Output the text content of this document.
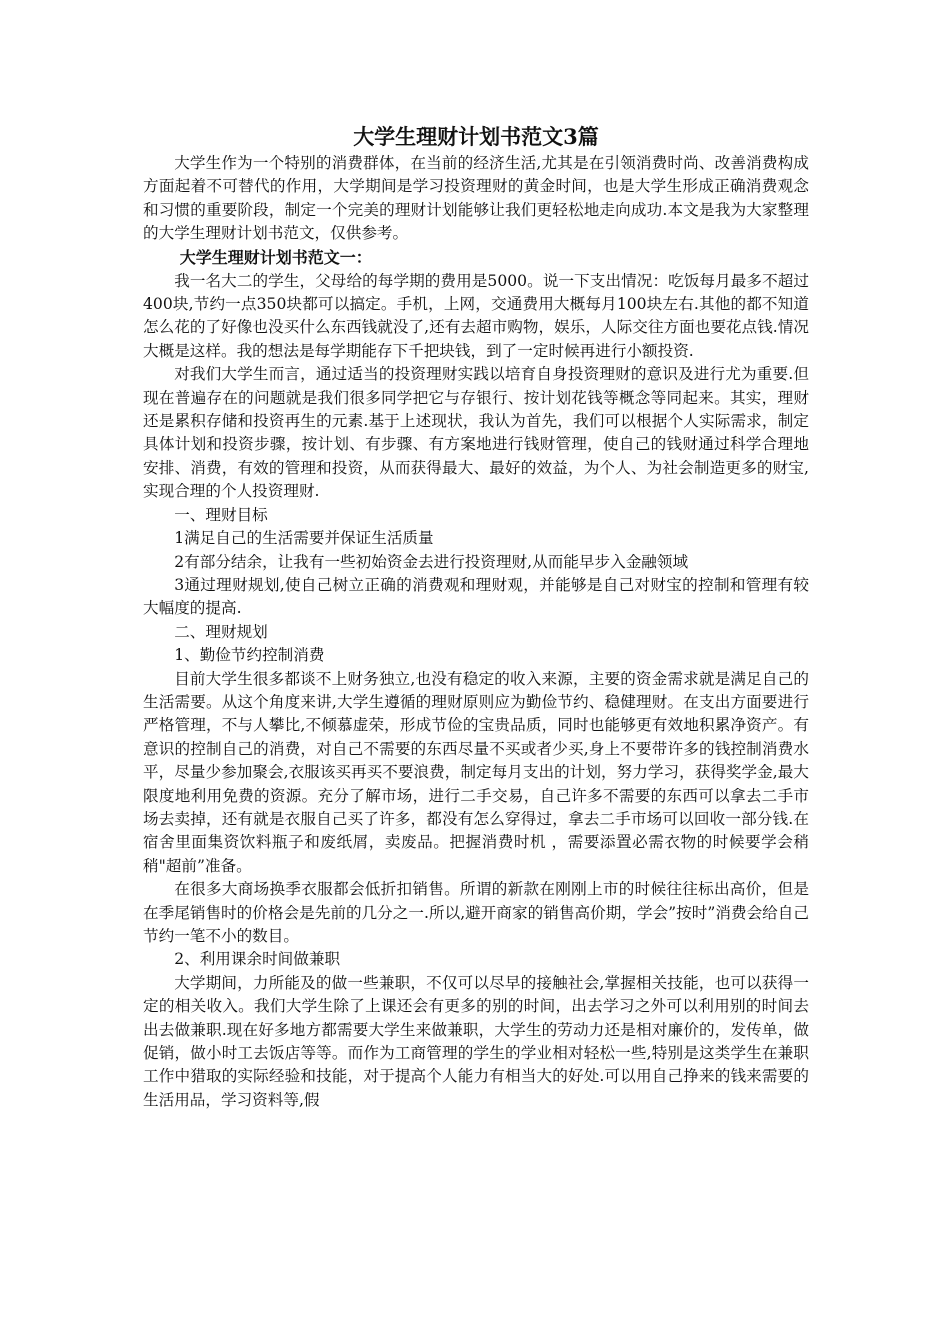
大学生理财计划书范文3篇

大学生作为一个特别的消费群体，在当前的经济生活,尤其是在引领消费时尚、改善消费构成方面起着不可替代的作用，大学期间是学习投资理财的黄金时间，也是大学生形成正确消费观念和习惯的重要阶段，制定一个完美的理财计划能够让我们更轻松地走向成功.本文是我为大家整理的大学生理财计划书范文，仅供参考。

大学生理财计划书范文一：

我一名大二的学生，父母给的每学期的费用是5000。说一下支出情况：吃饭每月最多不超过400块,节约一点350块都可以搞定。手机，上网，交通费用大概每月100块左右.其他的都不知道怎么花的了好像也没买什么东西钱就没了,还有去超市购物，娱乐，人际交往方面也要花点钱.情况大概是这样。我的想法是每学期能存下千把块钱，到了一定时候再进行小额投资.

对我们大学生而言，通过适当的投资理财实践以培育自身投资理财的意识及进行尤为重要.但现在普遍存在的问题就是我们很多同学把它与存银行、按计划花钱等概念等同起来。其实，理财还是累积存储和投资再生的元素.基于上述现状，我认为首先，我们可以根据个人实际需求，制定具体计划和投资步骤，按计划、有步骤、有方案地进行钱财管理，使自己的钱财通过科学合理地安排、消费，有效的管理和投资，从而获得最大、最好的效益，为个人、为社会制造更多的财宝,实现合理的个人投资理财.

一、理财目标

1满足自己的生活需要并保证生活质量

2有部分结余，让我有一些初始资金去进行投资理财,从而能早步入金融领域

3通过理财规划,使自己树立正确的消费观和理财观，并能够是自己对财宝的控制和管理有较大幅度的提高.

二、理财规划

1、勤俭节约控制消费

目前大学生很多都谈不上财务独立,也没有稳定的收入来源，主要的资金需求就是满足自己的生活需要。从这个角度来讲,大学生遵循的理财原则应为勤俭节约、稳健理财。在支出方面要进行严格管理，不与人攀比,不倾慕虚荣，形成节俭的宝贵品质，同时也能够更有效地积累净资产。有意识的控制自己的消费，对自己不需要的东西尽量不买或者少买,身上不要带许多的钱控制消费水平，尽量少参加聚会,衣服该买再买不要浪费，制定每月支出的计划，努力学习，获得奖学金,最大限度地利用免费的资源。充分了解市场，进行二手交易，自己许多不需要的东西可以拿去二手市场去卖掉，还有就是衣服自己买了许多，都没有怎么穿得过，拿去二手市场可以回收一部分钱.在宿舍里面集资饮料瓶子和废纸屑，卖废品。把握消费时机 ，需要添置必需衣物的时候要学会稍稍"超前”准备。

在很多大商场换季衣服都会低折扣销售。所谓的新款在刚刚上市的时候往往标出高价，但是在季尾销售时的价格会是先前的几分之一.所以,避开商家的销售高价期，学会”按时”消费会给自己节约一笔不小的数目。

2、利用课余时间做兼职

大学期间，力所能及的做一些兼职，不仅可以尽早的接触社会,掌握相关技能，也可以获得一定的相关收入。我们大学生除了上课还会有更多的别的时间，出去学习之外可以利用别的时间去出去做兼职.现在好多地方都需要大学生来做兼职，大学生的劳动力还是相对廉价的，发传单，做促销，做小时工去饭店等等。而作为工商管理的学生的学业相对轻松一些,特别是这类学生在兼职工作中猎取的实际经验和技能，对于提高个人能力有相当大的好处.可以用自己挣来的钱来需要的生活用品，学习资料等,假
